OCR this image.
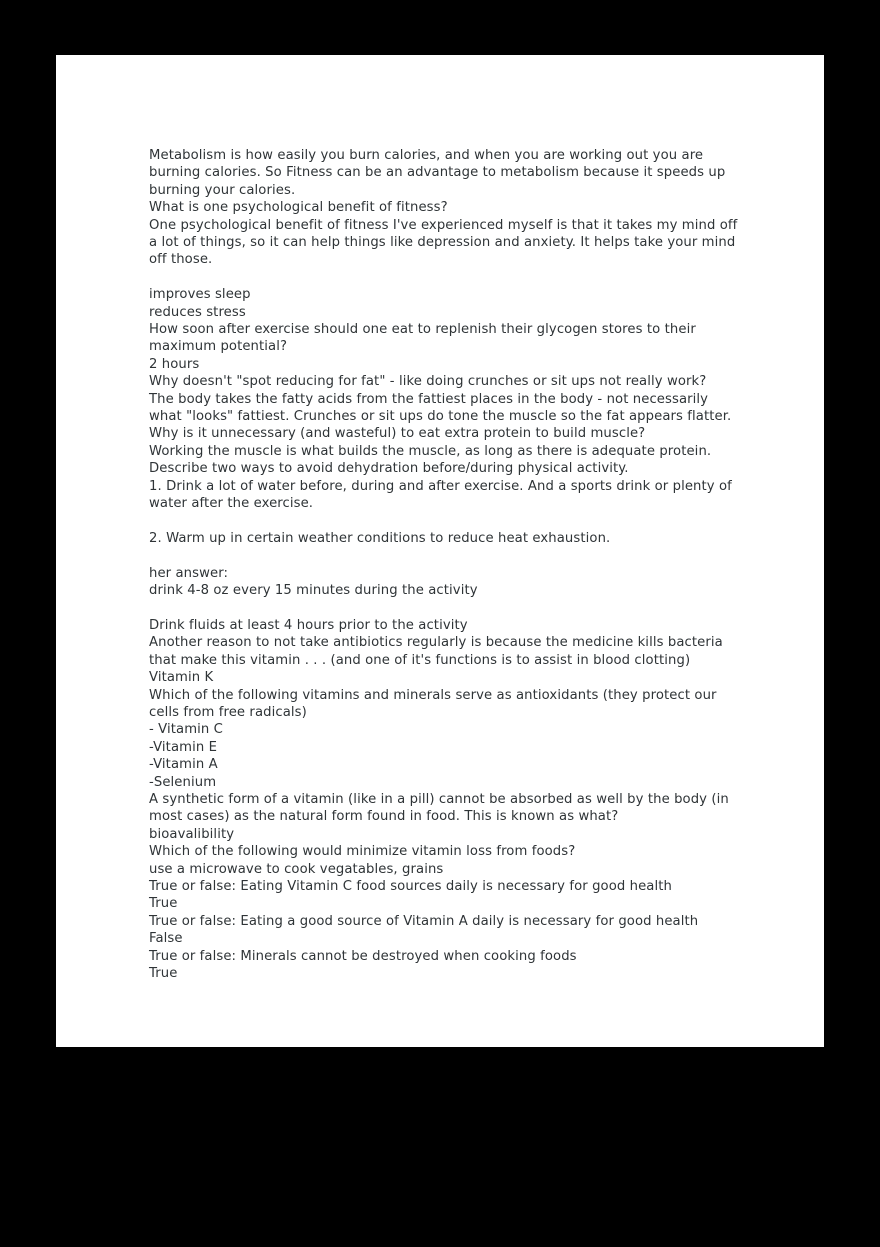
Metabolism is how easily you burn calories, and when you are working out you are burning calories. So Fitness can be an advantage to metabolism because it speeds up burning your calories.
What is one psychological benefit of fitness?
One psychological benefit of fitness I've experienced myself is that it takes my mind off a lot of things, so it can help things like depression and anxiety. It helps take your mind off those.
improves sleep
reduces stress
How soon after exercise should one eat to replenish their glycogen stores to their maximum potential?
2 hours
Why doesn't "spot reducing for fat" - like doing crunches or sit ups not really work?
The body takes the fatty acids from the fattiest places in the body - not necessarily what "looks" fattiest. Crunches or sit ups do tone the muscle so the fat appears flatter.
Why is it unnecessary (and wasteful) to eat extra protein to build muscle?
Working the muscle is what builds the muscle, as long as there is adequate protein.
Describe two ways to avoid dehydration before/during physical activity.
1. Drink a lot of water before, during and after exercise. And a sports drink or plenty of water after the exercise.
2. Warm up in certain weather conditions to reduce heat exhaustion.
her answer:
drink 4-8 oz every 15 minutes during the activity
Drink fluids at least 4 hours prior to the activity
Another reason to not take antibiotics regularly is because the medicine kills bacteria that make this vitamin . . . (and one of it's functions is to assist in blood clotting)
Vitamin K
Which of the following vitamins and minerals serve as antioxidants (they protect our cells from free radicals)
- Vitamin C
-Vitamin E
-Vitamin A
-Selenium
A synthetic form of a vitamin (like in a pill) cannot be absorbed as well by the body (in most cases) as the natural form found in food. This is known as what?
bioavalibility
Which of the following would minimize vitamin loss from foods?
use a microwave to cook vegatables, grains
True or false: Eating Vitamin C food sources daily is necessary for good health
True
True or false: Eating a good source of Vitamin A daily is necessary for good health
False
True or false: Minerals cannot be destroyed when cooking foods
True
